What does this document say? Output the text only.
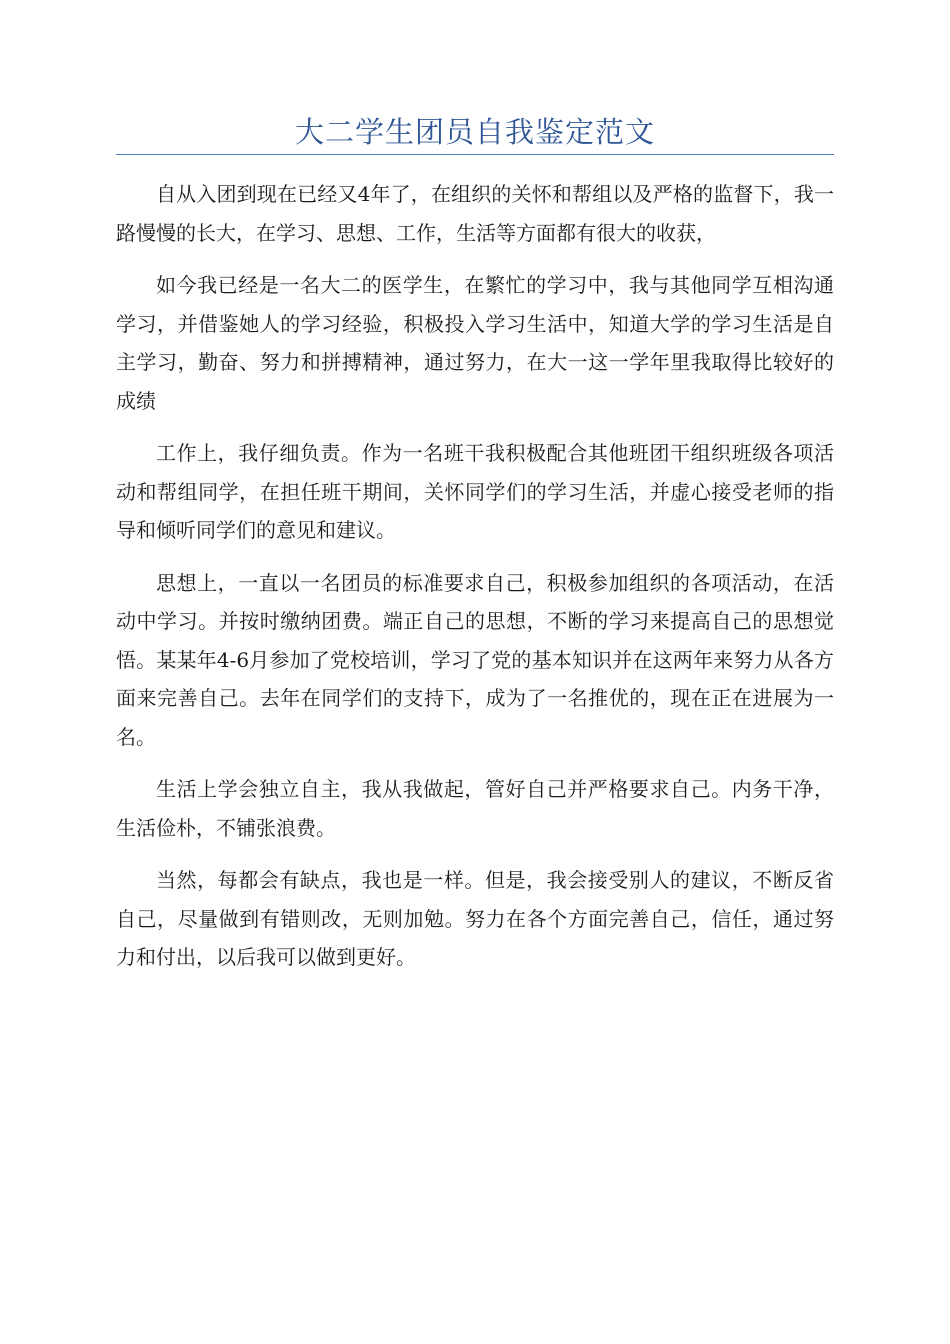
大二学生团员自我鉴定范文

自从入团到现在已经又4年了，在组织的关怀和帮组以及严格的监督下，我一路慢慢的长大，在学习、思想、工作，生活等方面都有很大的收获，

如今我已经是一名大二的医学生，在繁忙的学习中，我与其他同学互相沟通学习，并借鉴她人的学习经验，积极投入学习生活中，知道大学的学习生活是自主学习，勤奋、努力和拼搏精神，通过努力，在大一这一学年里我取得比较好的成绩

工作上，我仔细负责。作为一名班干我积极配合其他班团干组织班级各项活动和帮组同学，在担任班干期间，关怀同学们的学习生活，并虚心接受老师的指导和倾听同学们的意见和建议。

思想上，一直以一名团员的标准要求自己，积极参加组织的各项活动，在活动中学习。并按时缴纳团费。端正自己的思想，不断的学习来提高自己的思想觉悟。某某年4-6月参加了党校培训，学习了党的基本知识并在这两年来努力从各方面来完善自己。去年在同学们的支持下，成为了一名推优的，现在正在进展为一名。

生活上学会独立自主，我从我做起，管好自己并严格要求自己。内务干净，生活俭朴，不铺张浪费。

当然，每都会有缺点，我也是一样。但是，我会接受别人的建议，不断反省自己，尽量做到有错则改，无则加勉。努力在各个方面完善自己，信任，通过努力和付出，以后我可以做到更好。
